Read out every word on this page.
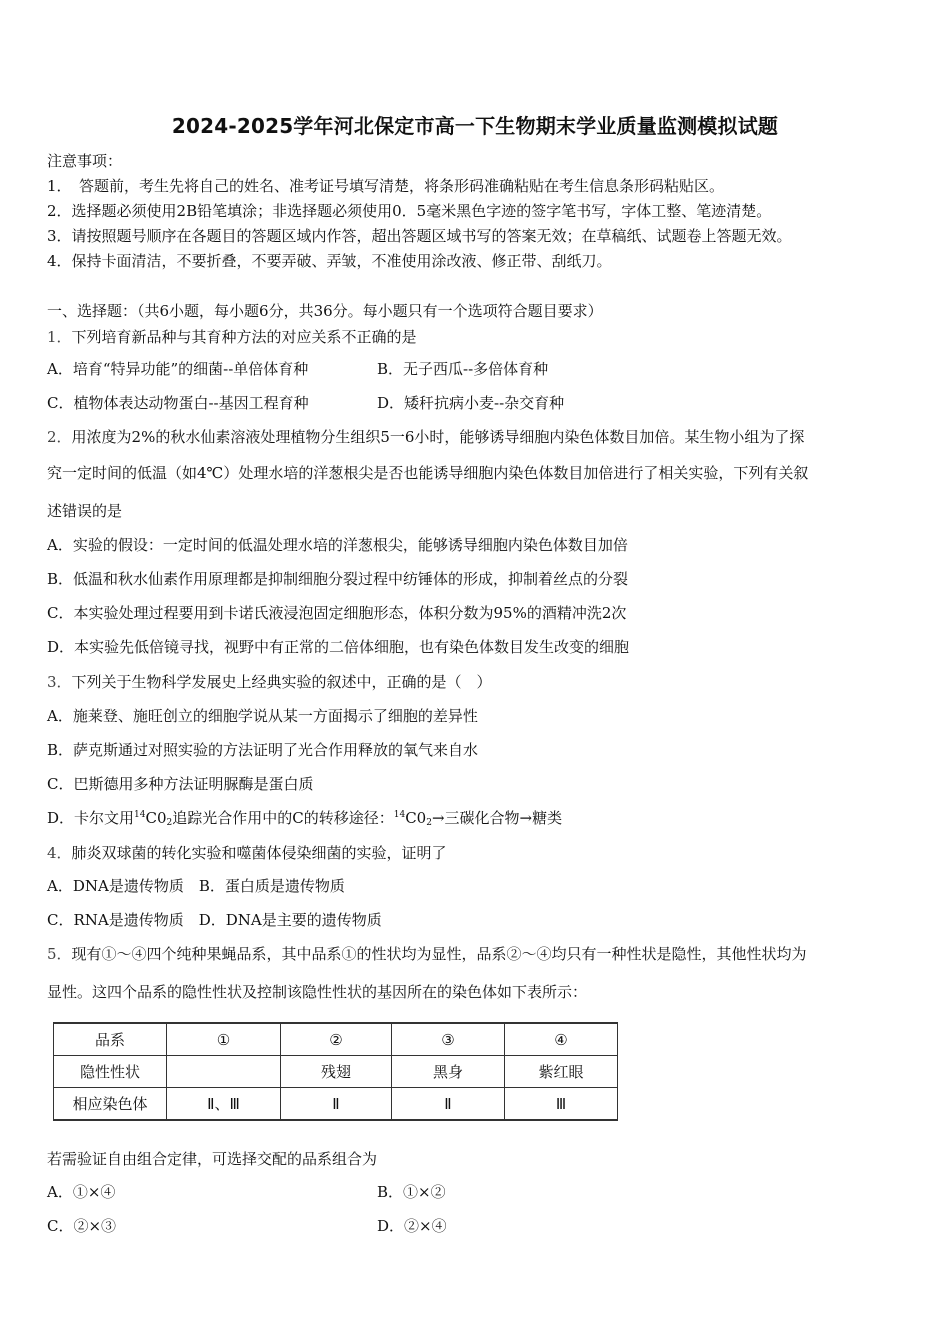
2024-2025学年河北保定市高一下生物期末学业质量监测模拟试题
注意事项：
1．　答题前，考生先将自己的姓名、准考证号填写清楚，将条形码准确粘贴在考生信息条形码粘贴区。
2．选择题必须使用2B铅笔填涂；非选择题必须使用0．5毫米黑色字迹的签字笔书写，字体工整、笔迹清楚。
3．请按照题号顺序在各题目的答题区域内作答，超出答题区域书写的答案无效；在草稿纸、试题卷上答题无效。
4．保持卡面清洁，不要折叠，不要弄破、弄皱，不准使用涂改液、修正带、刮纸刀。
一、选择题：（共6小题，每小题6分，共36分。每小题只有一个选项符合题目要求）
1．下列培育新品种与其育种方法的对应关系不正确的是
A．培育“特异功能”的细菌--单倍体育种	B．无子西瓜--多倍体育种
C．植物体表达动物蛋白--基因工程育种	D．矮秆抗病小麦--杂交育种
2．用浓度为2%的秋水仙素溶液处理植物分生组织5一6小时，能够诱导细胞内染色体数目加倍。某生物小组为了探
究一定时间的低温（如4℃）处理水培的洋葱根尖是否也能诱导细胞内染色体数目加倍进行了相关实验，下列有关叙
述错误的是
A．实验的假设：一定时间的低温处理水培的洋葱根尖，能够诱导细胞内染色体数目加倍
B．低温和秋水仙素作用原理都是抑制细胞分裂过程中纺锤体的形成，抑制着丝点的分裂
C．本实验处理过程要用到卡诺氏液浸泡固定细胞形态，体积分数为95%的酒精冲洗2次
D．本实验先低倍镜寻找，视野中有正常的二倍体细胞，也有染色体数目发生改变的细胞
3．下列关于生物科学发展史上经典实验的叙述中，正确的是（　）
A．施莱登、施旺创立的细胞学说从某一方面揭示了细胞的差异性
B．萨克斯通过对照实验的方法证明了光合作用释放的氧气来自水
C．巴斯德用多种方法证明脲酶是蛋白质
D．卡尔文用$^{14}C0_2$追踪光合作用中的C的转移途径：$^{14}C0_2\to$三碳化合物→糖类
4．肺炎双球菌的转化实验和噬菌体侵染细菌的实验，证明了
A．DNA是遗传物质　B．蛋白质是遗传物质
C．RNA是遗传物质　D．DNA是主要的遗传物质
5．现有①～④四个纯种果蝇品系，其中品系①的性状均为显性，品系②～④均只有一种性状是隐性，其他性状均为
显性。这四个品系的隐性性状及控制该隐性性状的基因所在的染色体如下表所示：
品系	①	②	③	④
隐性性状		残翅	黑身	紫红眼
相应染色体	Ⅱ、Ⅲ	Ⅱ	Ⅱ	Ⅲ
若需验证自由组合定律，可选择交配的品系组合为
A．①×④	B．①×②
C．②×③	D．②×④
